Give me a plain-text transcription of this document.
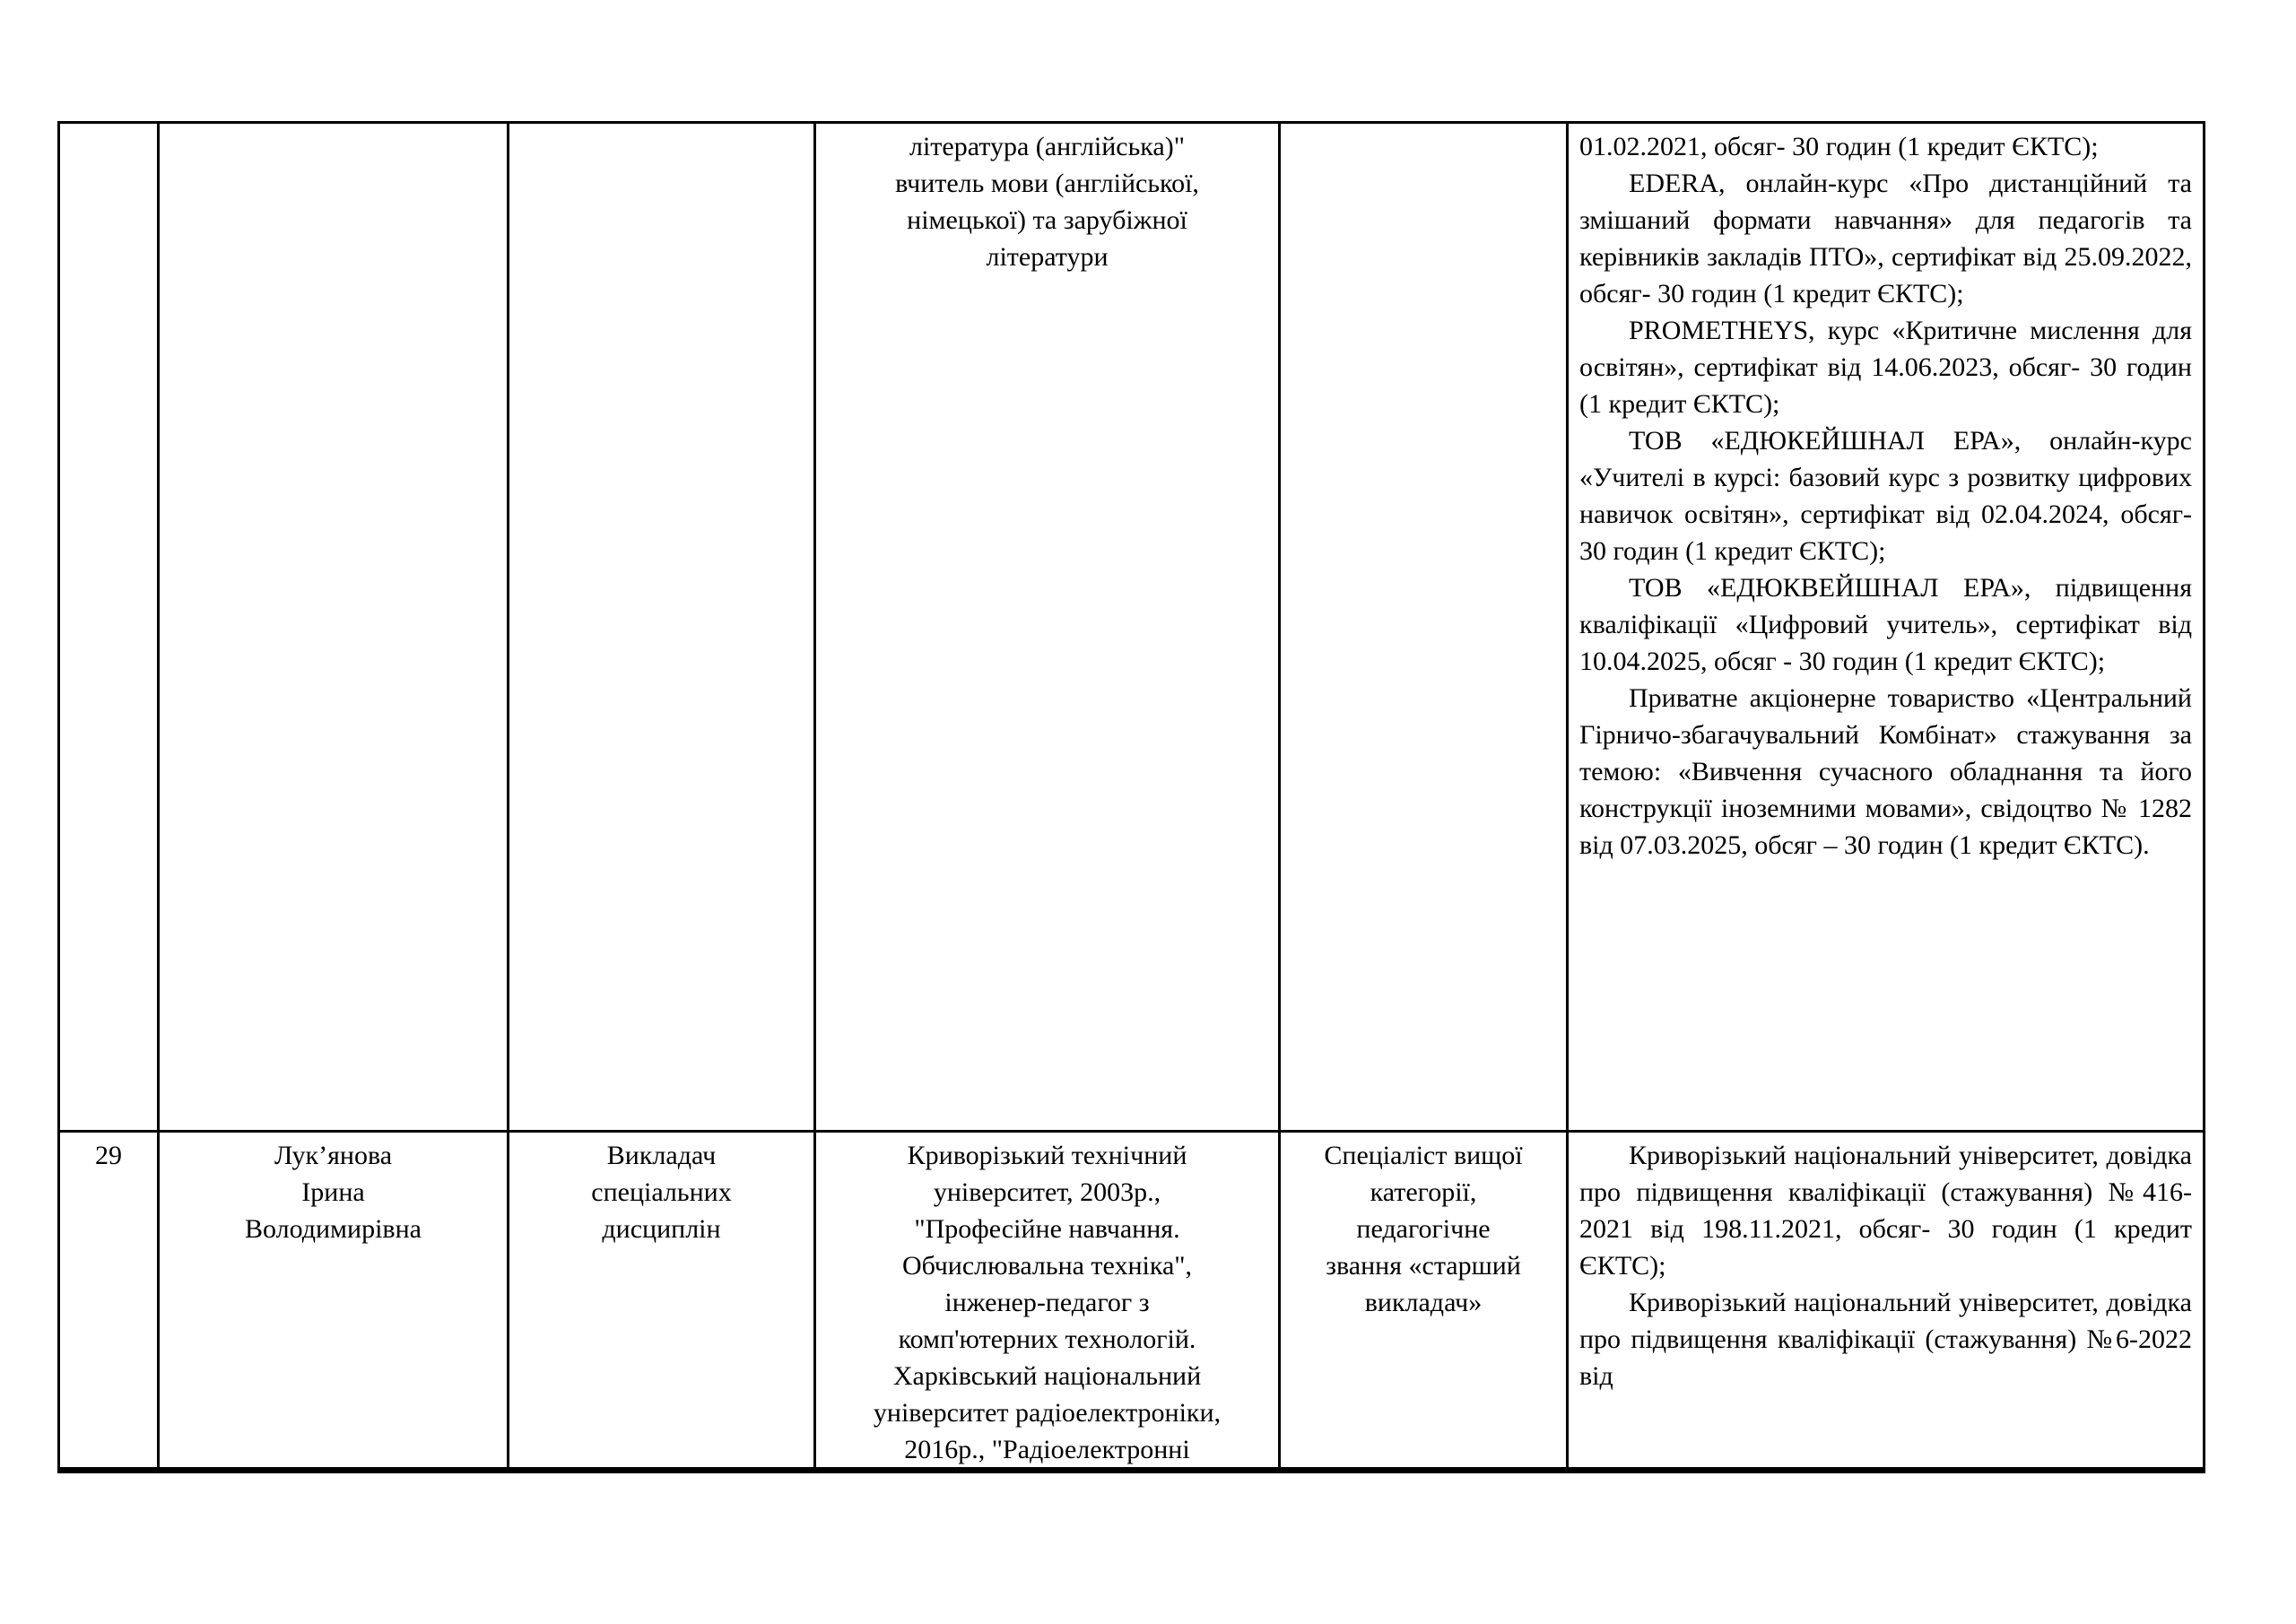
література (англійська)"
вчитель мови (англійської,
німецької) та зарубіжної
літератури

01.02.2021, обсяг- 30 годин (1 кредит ЄКТС);

EDERA, онлайн-курс «Про дистанційний та змішаний формати навчання» для педагогів та керівників закладів ПТО», сертифікат від 25.09.2022, обсяг- 30 годин (1 кредит ЄКТС);

PROMETHEYS, курс «Критичне мислення для освітян», сертифікат від 14.06.2023, обсяг- 30 годин (1 кредит ЄКТС);

ТОВ «ЕДЮКЕЙШНАЛ ЕРА», онлайн-курс «Учителі в курсі: базовий курс з розвитку цифрових навичок освітян», сертифікат від 02.04.2024, обсяг- 30 годин (1 кредит ЄКТС);

ТОВ «ЕДЮКВЕЙШНАЛ ЕРА», підвищення кваліфікації «Цифровий учитель», сертифікат від 10.04.2025, обсяг - 30 годин (1 кредит ЄКТС);

Приватне акціонерне товариство «Центральний Гірничо-збагачувальний Комбінат» стажування за темою: «Вивчення сучасного обладнання та його конструкції іноземними мовами», свідоцтво № 1282 від 07.03.2025, обсяг – 30 годин (1 кредит ЄКТС).

29	Лук’янова
Ірина
Володимирівна
Викладач
спеціальних
дисциплін
Криворізький технічний
університет, 2003р.,
"Професійне навчання.
Обчислювальна техніка",
інженер-педагог з
комп'ютерних технологій.
Харківський національний
університет радіоелектроніки,
2016р., "Радіоелектронні
Спеціаліст вищої
категорії,
педагогічне
звання «старший
викладач»

Криворізький національний університет, довідка про підвищення кваліфікації (стажування) №416-2021 від 198.11.2021, обсяг- 30 годин (1 кредит ЄКТС);

Криворізький національний університет, довідка про підвищення кваліфікації (стажування) №6-2022 від
